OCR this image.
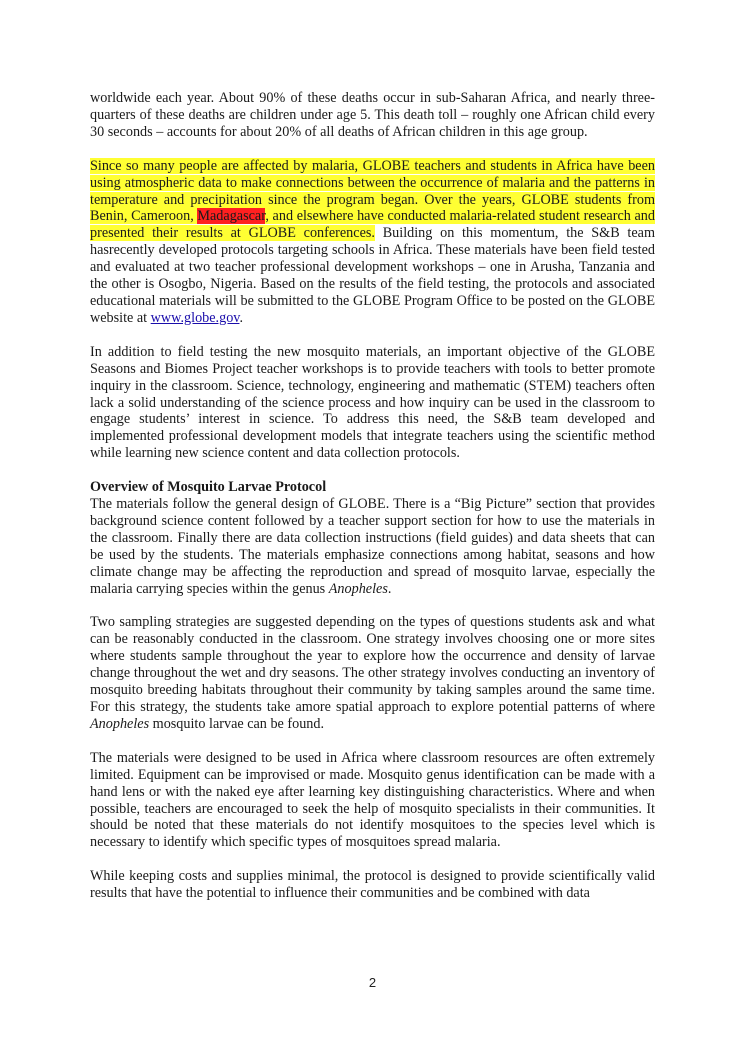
worldwide each year. About 90% of these deaths occur in sub-Saharan Africa, and nearly three-quarters of these deaths are children under age 5. This death toll – roughly one African child every 30 seconds – accounts for about 20% of all deaths of African children in this age group.

Since so many people are affected by malaria, GLOBE teachers and students in Africa have been using atmospheric data to make connections between the occurrence of malaria and the patterns in temperature and precipitation since the program began. Over the years, GLOBE students from Benin, Cameroon, Madagascar, and elsewhere have conducted malaria-related student research and presented their results at GLOBE conferences. Building on this momentum, the S&B team hasrecently developed protocols targeting schools in Africa. These materials have been field tested and evaluated at two teacher professional development workshops – one in Arusha, Tanzania and the other is Osogbo, Nigeria. Based on the results of the field testing, the protocols and associated educational materials will be submitted to the GLOBE Program Office to be posted on the GLOBE website at www.globe.gov.

In addition to field testing the new mosquito materials, an important objective of the GLOBE Seasons and Biomes Project teacher workshops is to provide teachers with tools to better promote inquiry in the classroom. Science, technology, engineering and mathematic (STEM) teachers often lack a solid understanding of the science process and how inquiry can be used in the classroom to engage students’ interest in science. To address this need, the S&B team developed and implemented professional development models that integrate teachers using the scientific method while learning new science content and data collection protocols.

Overview of Mosquito Larvae Protocol

The materials follow the general design of GLOBE. There is a “Big Picture” section that provides background science content followed by a teacher support section for how to use the materials in the classroom. Finally there are data collection instructions (field guides) and data sheets that can be used by the students. The materials emphasize connections among habitat, seasons and how climate change may be affecting the reproduction and spread of mosquito larvae, especially the malaria carrying species within the genus Anopheles.

Two sampling strategies are suggested depending on the types of questions students ask and what can be reasonably conducted in the classroom. One strategy involves choosing one or more sites where students sample throughout the year to explore how the occurrence and density of larvae change throughout the wet and dry seasons. The other strategy involves conducting an inventory of mosquito breeding habitats throughout their community by taking samples around the same time. For this strategy, the students take amore spatial approach to explore potential patterns of where Anopheles mosquito larvae can be found.

The materials were designed to be used in Africa where classroom resources are often extremely limited. Equipment can be improvised or made. Mosquito genus identification can be made with a hand lens or with the naked eye after learning key distinguishing characteristics. Where and when possible, teachers are encouraged to seek the help of mosquito specialists in their communities. It should be noted that these materials do not identify mosquitoes to the species level which is necessary to identify which specific types of mosquitoes spread malaria.

While keeping costs and supplies minimal, the protocol is designed to provide scientifically valid results that have the potential to influence their communities and be combined with data

2
